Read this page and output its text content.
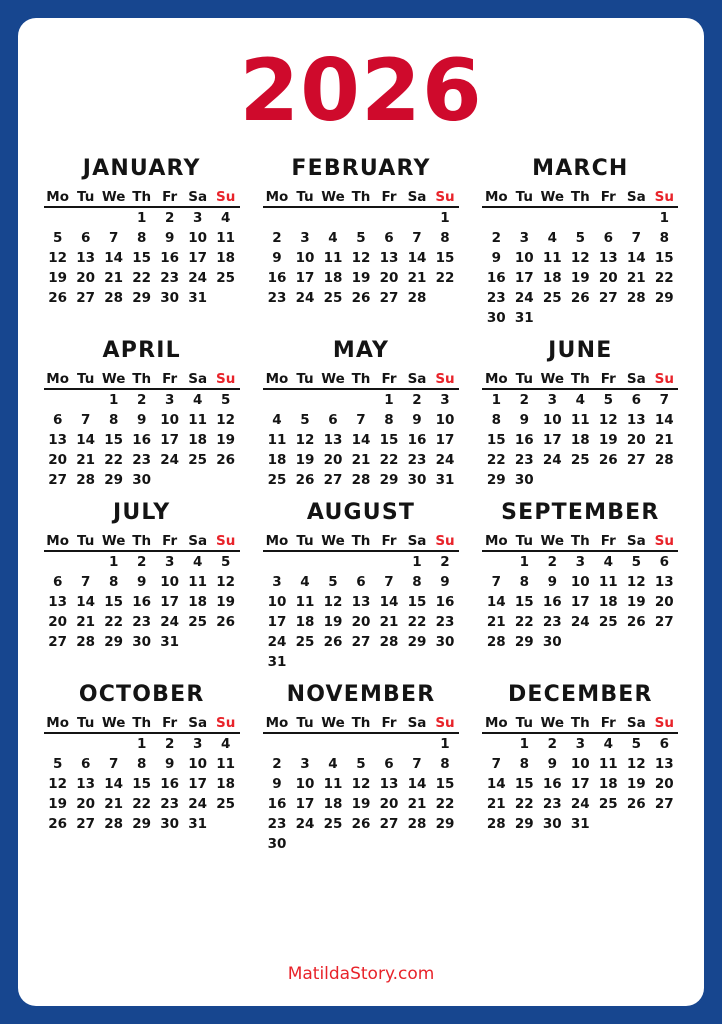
2026
JANUARY
Mo	Tu	We	Th	Fr	Sa	Su
			1	2	3	4
5	6	7	8	9	10	11
12	13	14	15	16	17	18
19	20	21	22	23	24	25
26	27	28	29	30	31	
FEBRUARY
Mo	Tu	We	Th	Fr	Sa	Su
						1
2	3	4	5	6	7	8
9	10	11	12	13	14	15
16	17	18	19	20	21	22
23	24	25	26	27	28	
MARCH
Mo	Tu	We	Th	Fr	Sa	Su
						1
2	3	4	5	6	7	8
9	10	11	12	13	14	15
16	17	18	19	20	21	22
23	24	25	26	27	28	29
30	31					
APRIL
Mo	Tu	We	Th	Fr	Sa	Su
		1	2	3	4	5
6	7	8	9	10	11	12
13	14	15	16	17	18	19
20	21	22	23	24	25	26
27	28	29	30			
MAY
Mo	Tu	We	Th	Fr	Sa	Su
				1	2	3
4	5	6	7	8	9	10
11	12	13	14	15	16	17
18	19	20	21	22	23	24
25	26	27	28	29	30	31
JUNE
Mo	Tu	We	Th	Fr	Sa	Su
1	2	3	4	5	6	7
8	9	10	11	12	13	14
15	16	17	18	19	20	21
22	23	24	25	26	27	28
29	30					
JULY
Mo	Tu	We	Th	Fr	Sa	Su
		1	2	3	4	5
6	7	8	9	10	11	12
13	14	15	16	17	18	19
20	21	22	23	24	25	26
27	28	29	30	31		
AUGUST
Mo	Tu	We	Th	Fr	Sa	Su
					1	2
3	4	5	6	7	8	9
10	11	12	13	14	15	16
17	18	19	20	21	22	23
24	25	26	27	28	29	30
31						
SEPTEMBER
Mo	Tu	We	Th	Fr	Sa	Su
	1	2	3	4	5	6
7	8	9	10	11	12	13
14	15	16	17	18	19	20
21	22	23	24	25	26	27
28	29	30				
OCTOBER
Mo	Tu	We	Th	Fr	Sa	Su
			1	2	3	4
5	6	7	8	9	10	11
12	13	14	15	16	17	18
19	20	21	22	23	24	25
26	27	28	29	30	31	
NOVEMBER
Mo	Tu	We	Th	Fr	Sa	Su
						1
2	3	4	5	6	7	8
9	10	11	12	13	14	15
16	17	18	19	20	21	22
23	24	25	26	27	28	29
30						
DECEMBER
Mo	Tu	We	Th	Fr	Sa	Su
	1	2	3	4	5	6
7	8	9	10	11	12	13
14	15	16	17	18	19	20
21	22	23	24	25	26	27
28	29	30	31			
MatildaStory.com
